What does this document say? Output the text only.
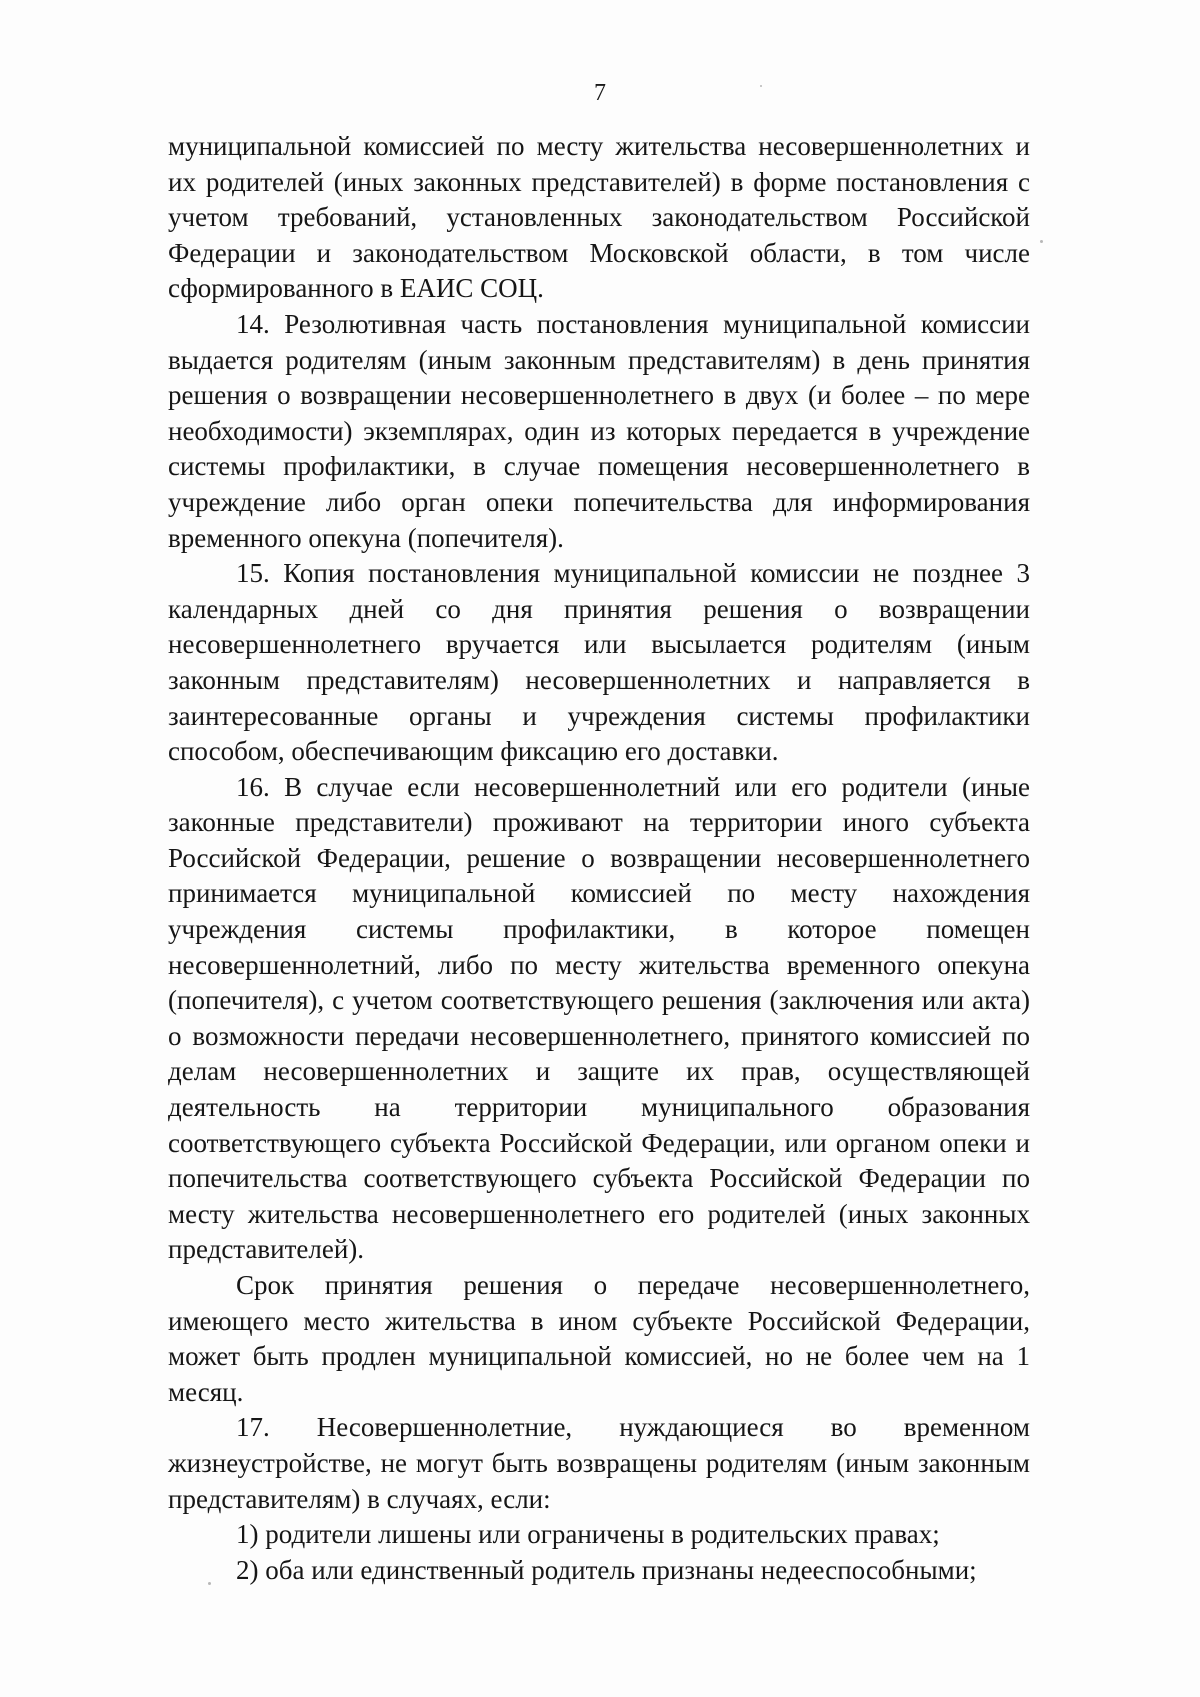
7

муниципальной комиссией по месту жительства несовершеннолетних и их родителей (иных законных представителей) в форме постановления с учетом требований, установленных законодательством Российской Федерации и законодательством Московской области, в том числе сформированного в ЕАИС СОЦ.

14. Резолютивная часть постановления муниципальной комиссии выдается родителям (иным законным представителям) в день принятия решения о возвращении несовершеннолетнего в двух (и более – по мере необходимости) экземплярах, один из которых передается в учреждение системы профилактики, в случае помещения несовершеннолетнего в учреждение либо орган опеки попечительства для информирования временного опекуна (попечителя).

15. Копия постановления муниципальной комиссии не позднее 3 календарных дней со дня принятия решения о возвращении несовершеннолетнего вручается или высылается родителям (иным законным представителям) несовершеннолетних и направляется в заинтересованные органы и учреждения системы профилактики способом, обеспечивающим фиксацию его доставки.

16. В случае если несовершеннолетний или его родители (иные законные представители) проживают на территории иного субъекта Российской Федерации, решение о возвращении несовершеннолетнего принимается муниципальной комиссией по месту нахождения учреждения системы профилактики, в которое помещен несовершеннолетний, либо по месту жительства временного опекуна (попечителя), с учетом соответствующего решения (заключения или акта) о возможности передачи несовершеннолетнего, принятого комиссией по делам несовершеннолетних и защите их прав, осуществляющей деятельность на территории муниципального образования соответствующего субъекта Российской Федерации, или органом опеки и попечительства соответствующего субъекта Российской Федерации по месту жительства несовершеннолетнего его родителей (иных законных представителей).

Срок принятия решения о передаче несовершеннолетнего, имеющего место жительства в ином субъекте Российской Федерации, может быть продлен муниципальной комиссией, но не более чем на 1 месяц.

17. Несовершеннолетние, нуждающиеся во временном жизнеустройстве, не могут быть возвращены родителям (иным законным представителям) в случаях, если:

1) родители лишены или ограничены в родительских правах;

2) оба или единственный родитель признаны недееспособными;
